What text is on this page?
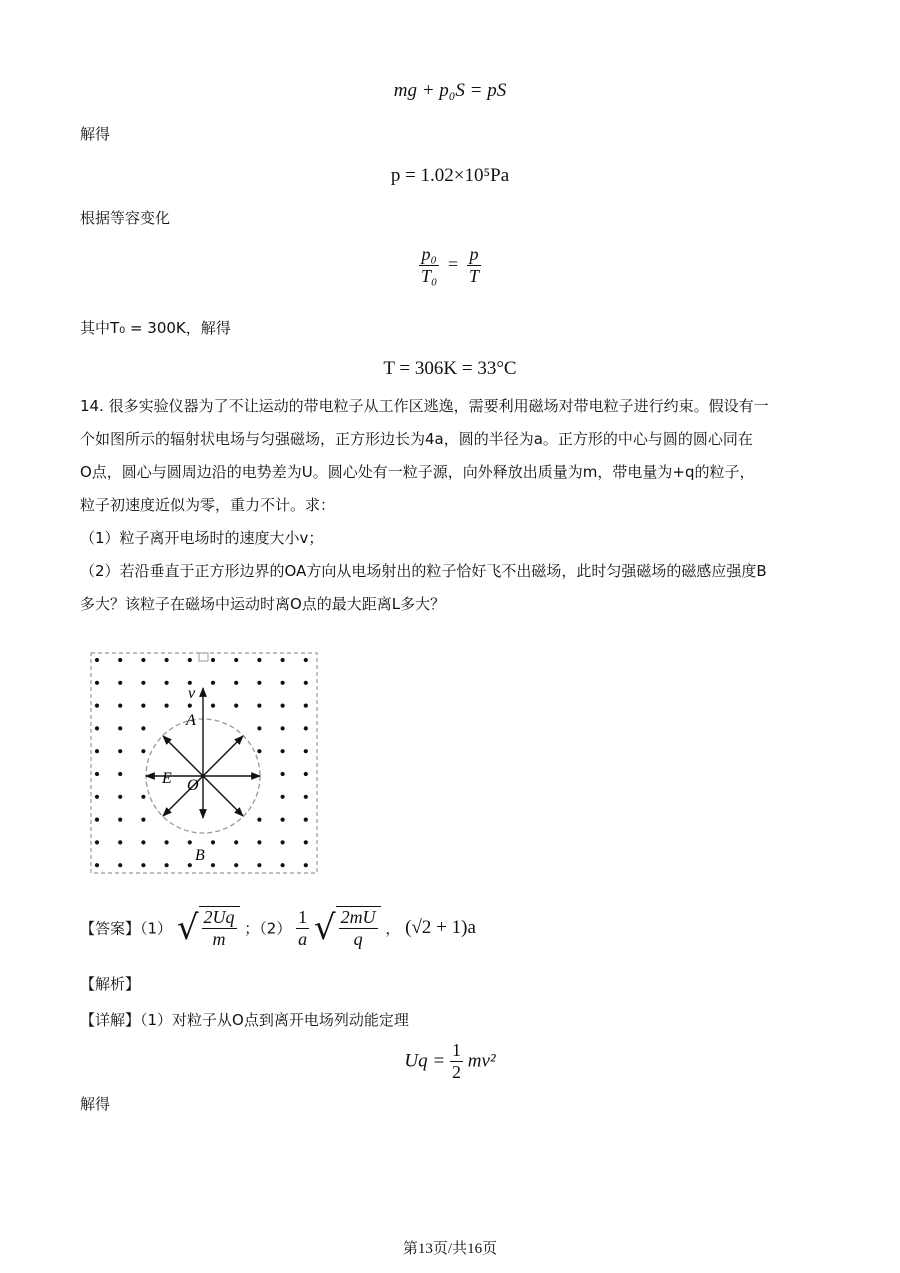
mg + p₀S = pS
解得
p = 1.02×10⁵Pa
根据等容变化
$\frac{\text{p₀}}{\text{T₀}} = \frac{p}{T}$
其中T₀ = 300K，解得
T = 306K = 33°C
14. 很多实验仪器为了不让运动的带电粒子从工作区逃逸，需要利用磁场对带电粒子进行约束。假设有一
个如图所示的辐射状电场与匀强磁场，正方形边长为4a，圆的半径为a。正方形的中心与圆的圆心同在
O点，圆心与圆周边沿的电势差为U。圆心处有一粒子源，向外释放出质量为m，带电量为+q的粒子，
粒子初速度近似为零，重力不计。求：
（1）粒子离开电场时的速度大小v；
（2）若沿垂直于正方形边界的OA方向从电场射出的粒子恰好飞不出磁场，此时匀强磁场的磁感应强度B
多大？该粒子在磁场中运动时离O点的最大距离L多大？
v
A
E O
B
【答案】（1） √ $\frac{2Uq}{m}$ ；$(2) \frac{1}{a}$ √ $\frac{2mU}{q}$ ， (√2 + 1)a
【解析】
【详解】（1）对粒子从O点到离开电场列动能定理
$Uq = \frac{1}{2} mv^2$
解得
第13页/共16页
